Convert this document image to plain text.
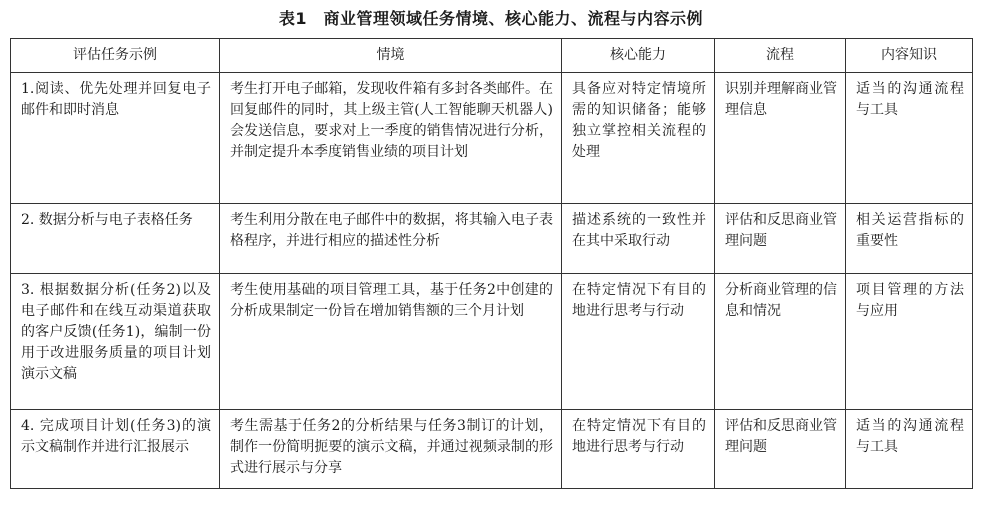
表1　商业管理领域任务情境、核心能力、流程与内容示例
评估任务示例	情境	核心能力	流程	内容知识
1.阅读、优先处理并回复电子邮件和即时消息	考生打开电子邮箱，发现收件箱有多封各类邮件。在回复邮件的同时，其上级主管(人工智能聊天机器人)会发送信息，要求对上一季度的销售情况进行分析，并制定提升本季度销售业绩的项目计划	具备应对特定情境所需的知识储备；能够独立掌控相关流程的处理	识别并理解商业管理信息	适当的沟通流程与工具
2. 数据分析与电子表格任务	考生利用分散在电子邮件中的数据，将其输入电子表格程序，并进行相应的描述性分析	描述系统的一致性并在其中采取行动	评估和反思商业管理问题	相关运营指标的重要性
3. 根据数据分析(任务2)以及电子邮件和在线互动渠道获取的客户反馈(任务1)，编制一份用于改进服务质量的项目计划演示文稿	考生使用基础的项目管理工具，基于任务2中创建的分析成果制定一份旨在增加销售额的三个月计划	在特定情况下有目的地进行思考与行动	分析商业管理的信息和情况	项目管理的方法与应用
4. 完成项目计划(任务3)的演示文稿制作并进行汇报展示	考生需基于任务2的分析结果与任务3制订的计划，制作一份简明扼要的演示文稿，并通过视频录制的形式进行展示与分享	在特定情况下有目的地进行思考与行动	评估和反思商业管理问题	适当的沟通流程与工具
